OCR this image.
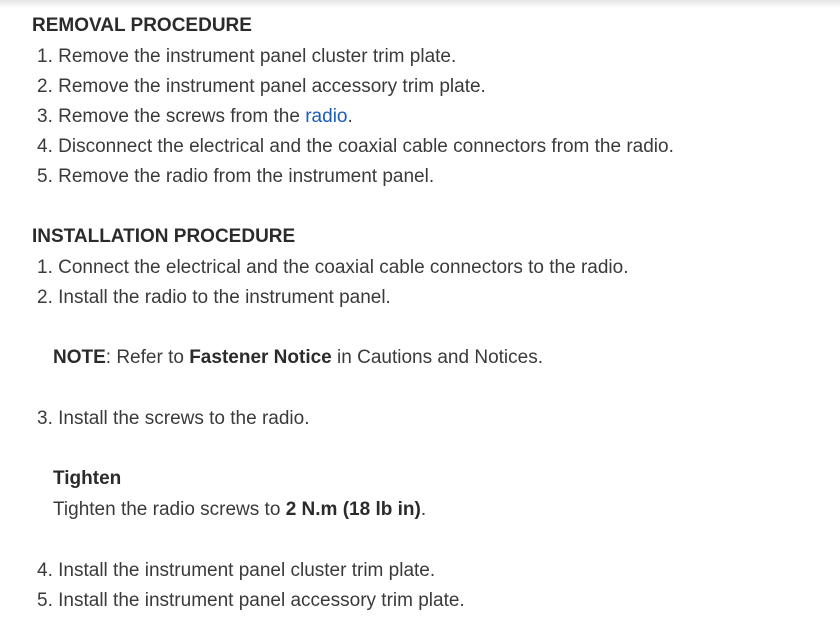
REMOVAL PROCEDURE
1. Remove the instrument panel cluster trim plate.
2. Remove the instrument panel accessory trim plate.
3. Remove the screws from the radio.
4. Disconnect the electrical and the coaxial cable connectors from the radio.
5. Remove the radio from the instrument panel.
INSTALLATION PROCEDURE
1. Connect the electrical and the coaxial cable connectors to the radio.
2. Install the radio to the instrument panel.
NOTE: Refer to Fastener Notice in Cautions and Notices.
3. Install the screws to the radio.
Tighten
Tighten the radio screws to 2 N.m (18 lb in).
4. Install the instrument panel cluster trim plate.
5. Install the instrument panel accessory trim plate.
